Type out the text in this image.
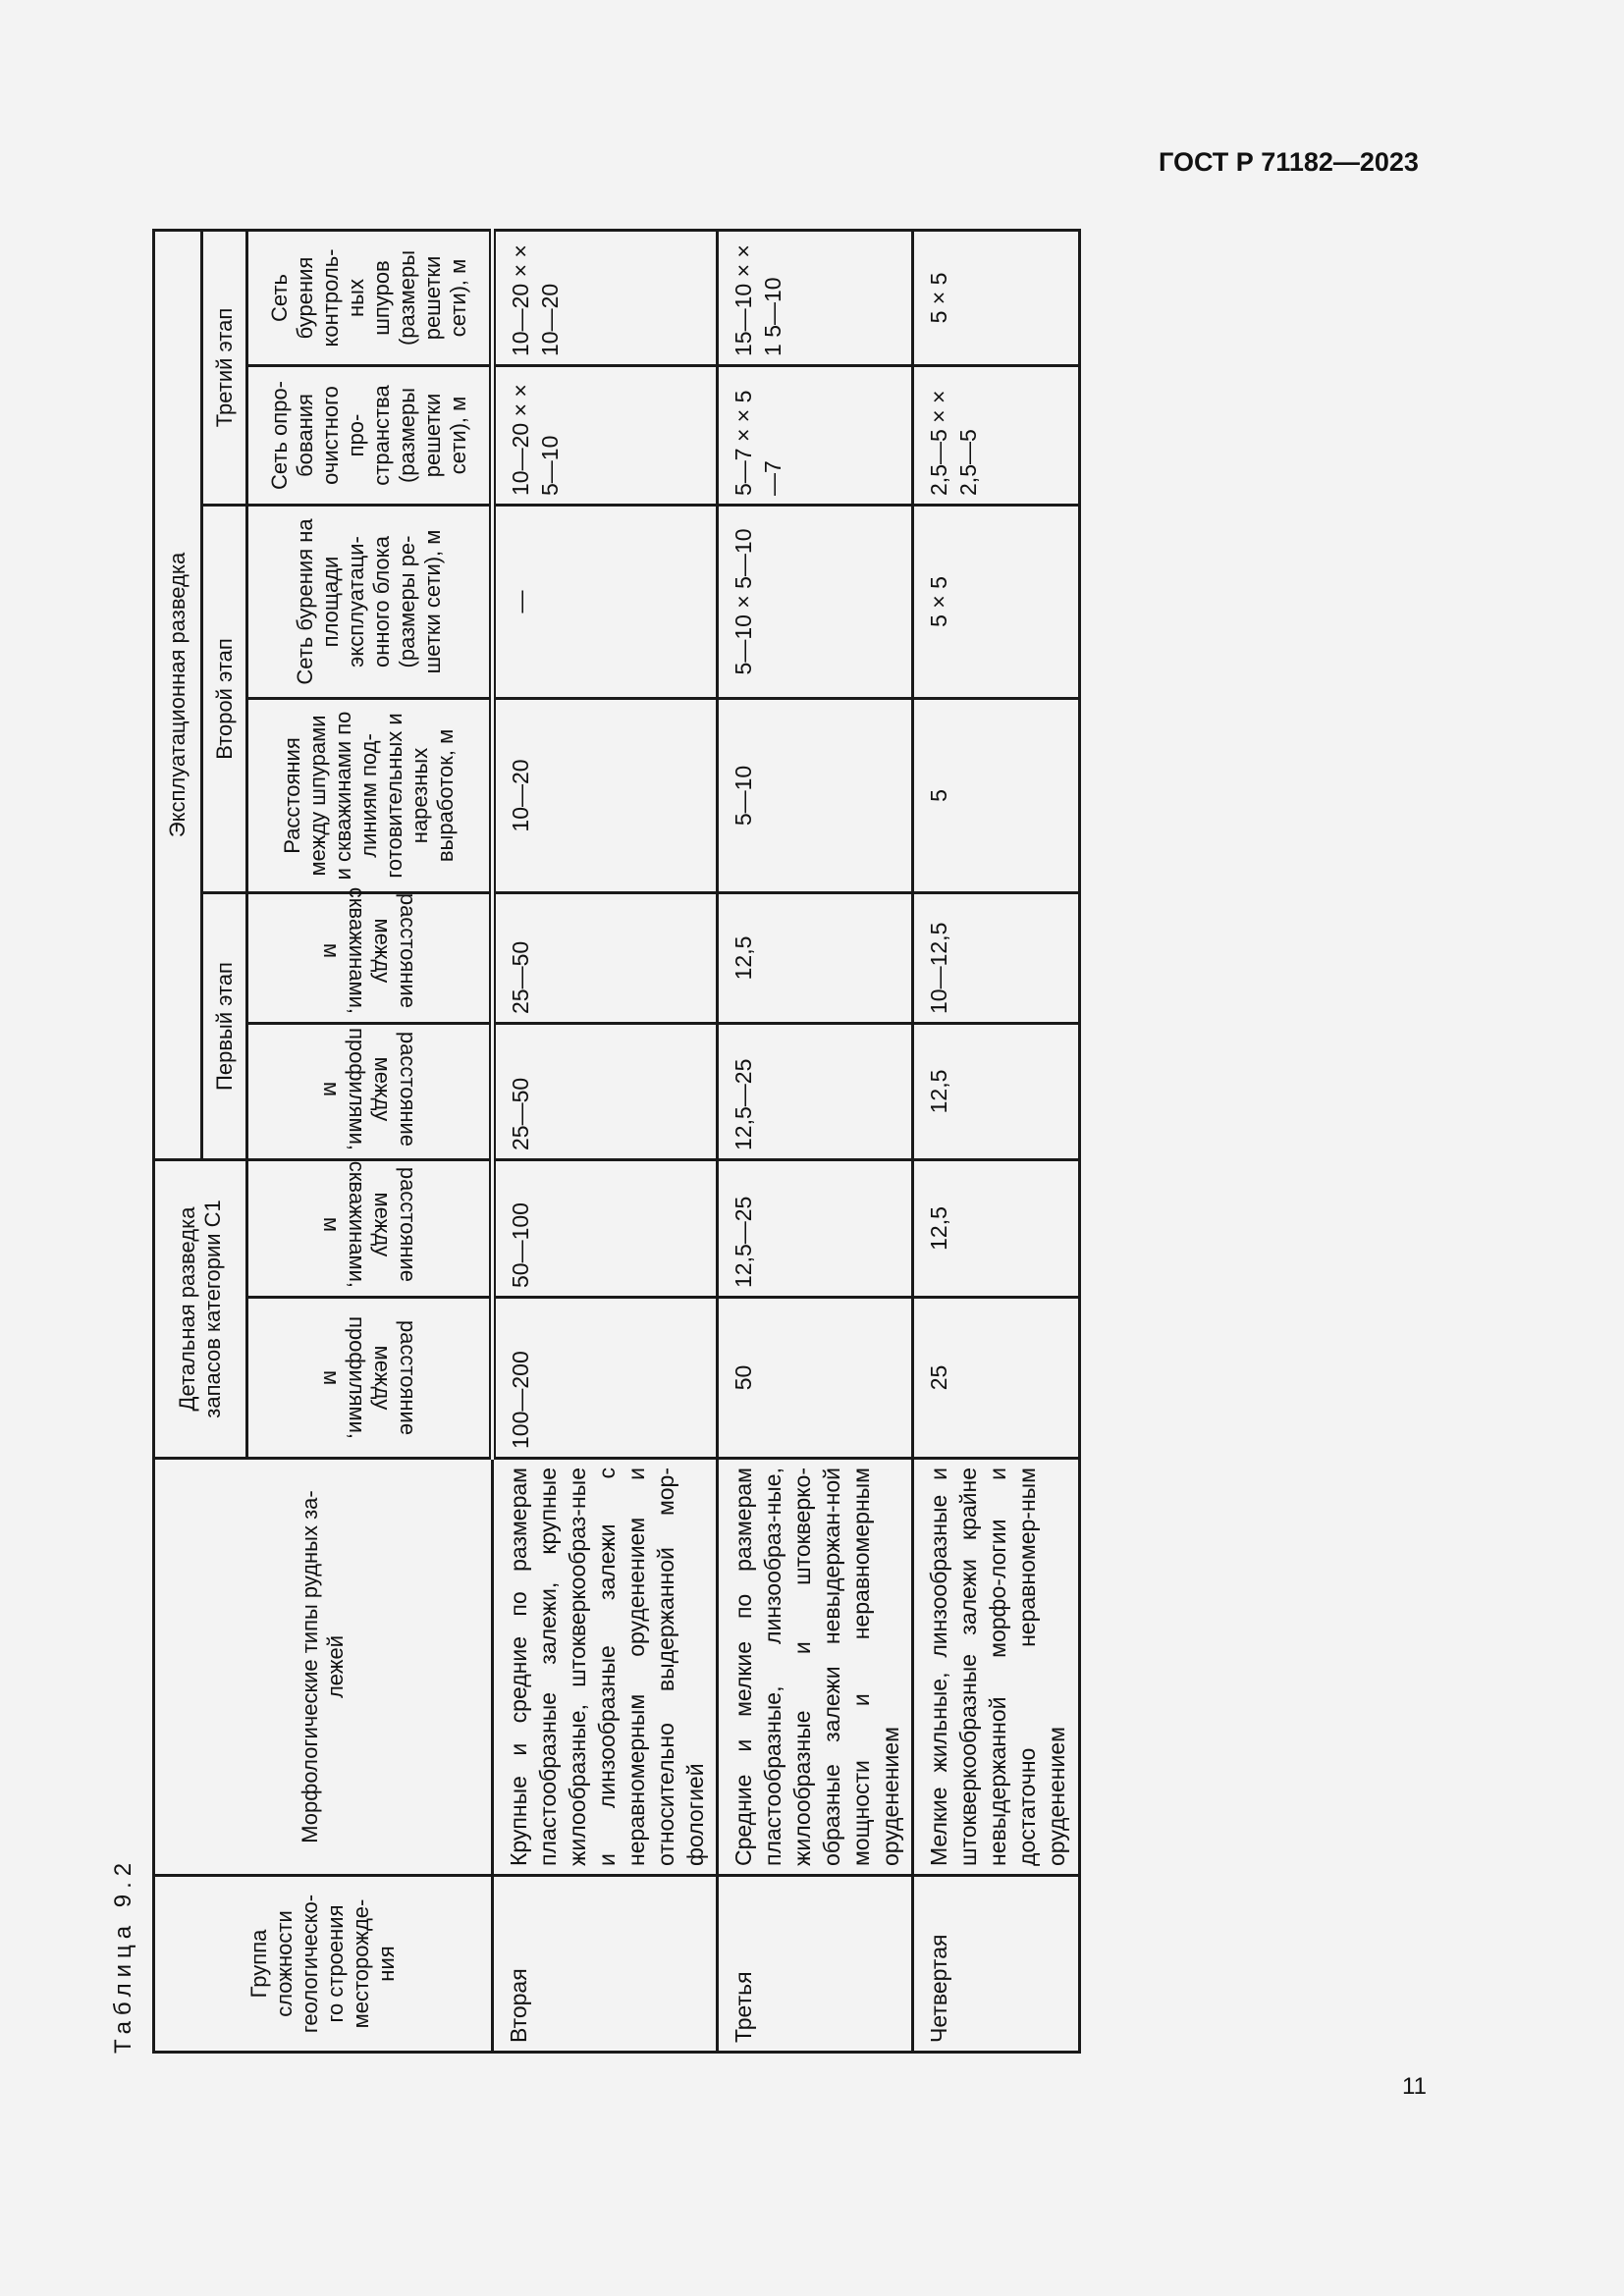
ГОСТ Р 71182—2023
Таблица 9.2	Группа сложности геологическо-го строения месторожде-ния	Морфологические типы рудных за-лежей	Детальная разведка запасов категории С1		Эксплуатационная разведка					
				Первый этап		Второй этап		Третий этап	
		расстояние между профилями, м	расстояние между скважинами, м	расстояние между профилями, м	расстояние между скважинами, м	Расстояния между шпурами и скважинами по линиям под-готовительных и нарезных выработок, м	Сеть бурения на площади эксплуатаци-онного блока (размеры ре-шетки сети), м	Сеть опро-бования очистного про-странства (размеры решетки сети), м	Сеть бурения контроль-ных шпуров (размеры решетки сети), м
Вторая	Крупные и средние по размерам пластообразные залежи, крупные жилообразные, штокверкообраз-ные и линзообразные залежи с неравномерным оруденением и относительно выдержанной мор-фологией	100—200	50—100	25—50	25—50	10—20	—	10—20 × × 5—10	10—20 × × 10—20
Третья	Средние и мелкие по размерам пластообразные, линзообраз-ные, жилообразные и штокверко-образные залежи невыдержан-ной мощности и неравномерным оруденением	50	12,5—25	12,5—25	12,5	5—10	5—10 × 5—10	5—7 × × 5—7	15—10 × × 1 5—10
Четвертая	Мелкие жильные, линзообразные и штокверкообразные залежи крайне невыдержанной морфо-логии и достаточно неравномер-ным оруденением	25	12,5	12,5	10—12,5	5	5 × 5	2,5—5 × × 2,5—5	5 × 5
11
